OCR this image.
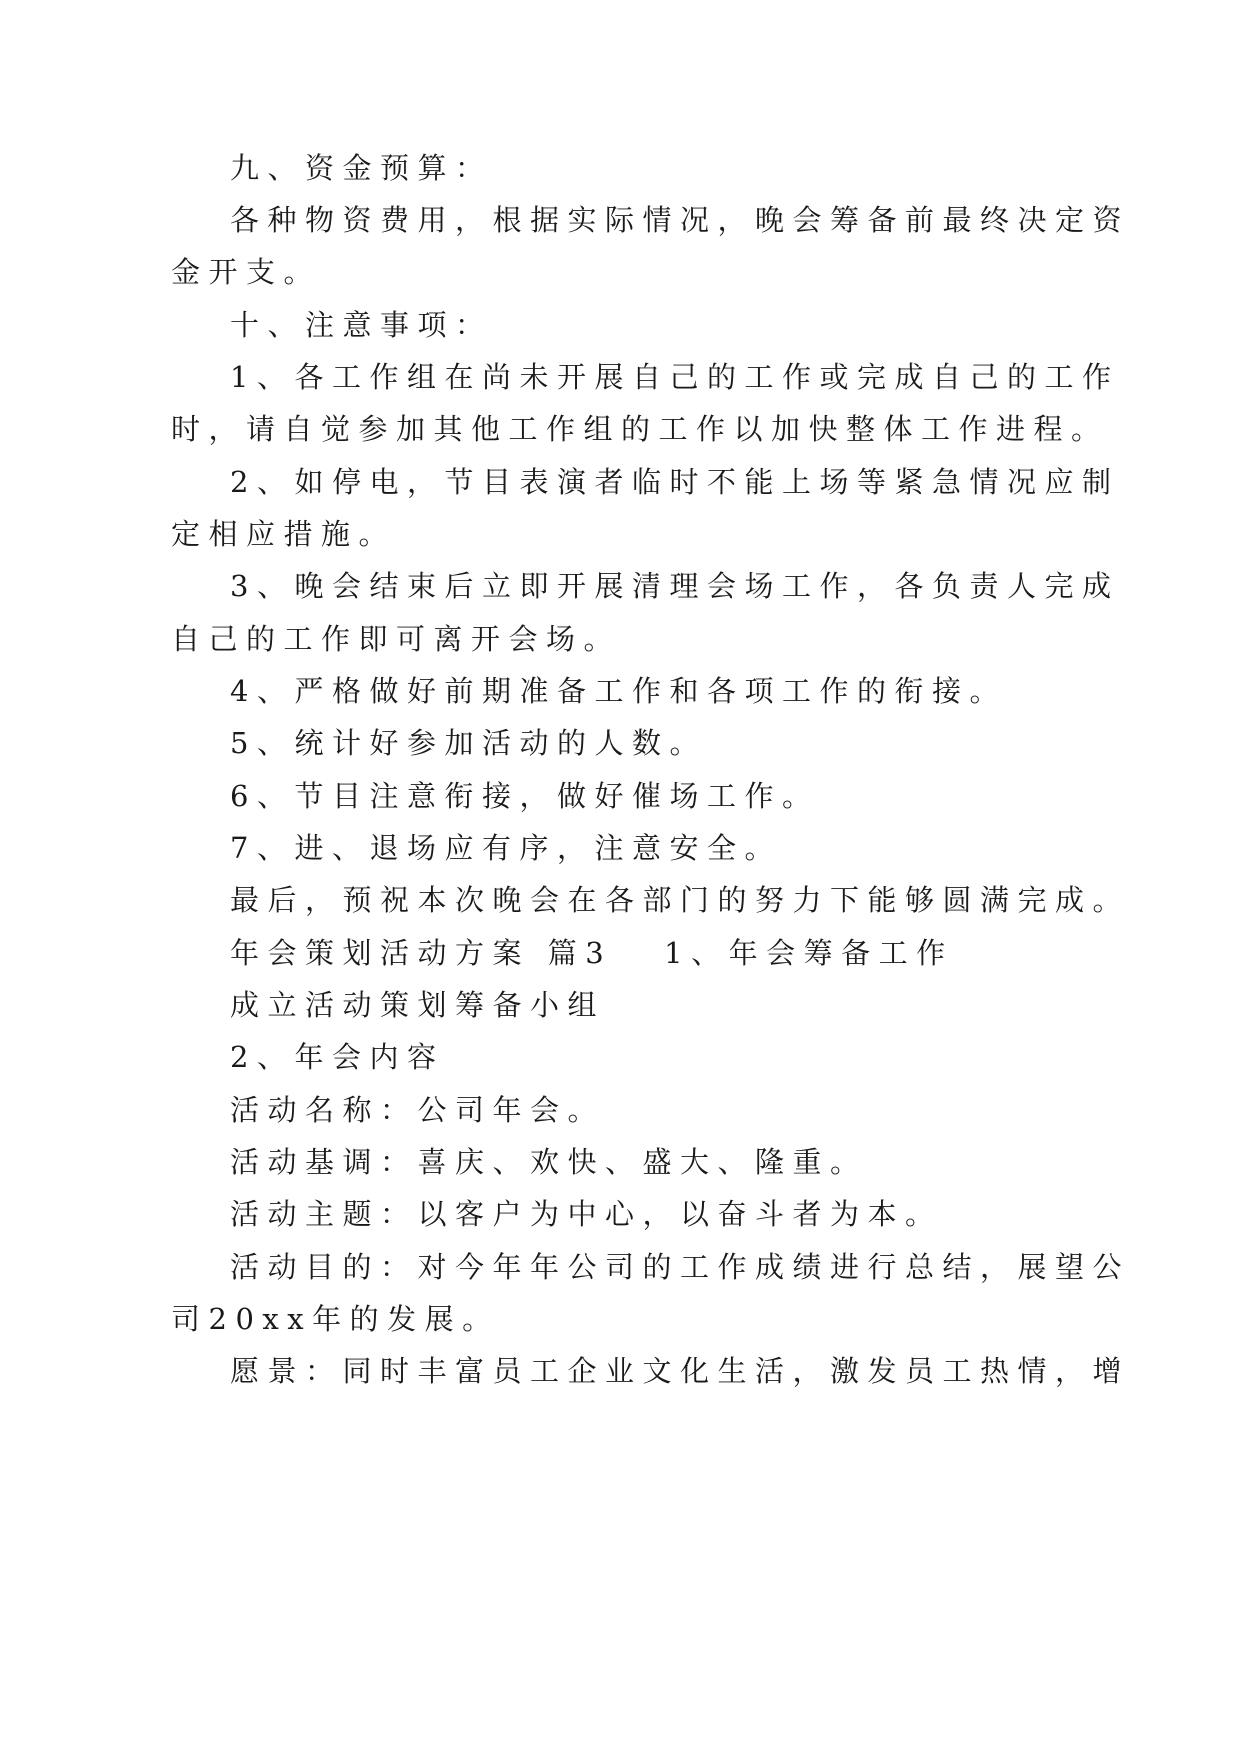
九、资金预算：
各种物资费用，根据实际情况，晚会筹备前最终决定资
金开支。
十、注意事项：
1、各工作组在尚未开展自己的工作或完成自己的工作
时，请自觉参加其他工作组的工作以加快整体工作进程。
2、如停电，节目表演者临时不能上场等紧急情况应制
定相应措施。
3、晚会结束后立即开展清理会场工作，各负责人完成
自己的工作即可离开会场。
4、严格做好前期准备工作和各项工作的衔接。
5、统计好参加活动的人数。
6、节目注意衔接，做好催场工作。
7、进、退场应有序，注意安全。
最后，预祝本次晚会在各部门的努力下能够圆满完成。
年会策划活动方案 篇3 1、年会筹备工作
成立活动策划筹备小组
2、年会内容
活动名称：公司年会。
活动基调：喜庆、欢快、盛大、隆重。
活动主题：以客户为中心，以奋斗者为本。
活动目的：对今年年公司的工作成绩进行总结，展望公
司20xx年的发展。
愿景：同时丰富员工企业文化生活，激发员工热情，增
